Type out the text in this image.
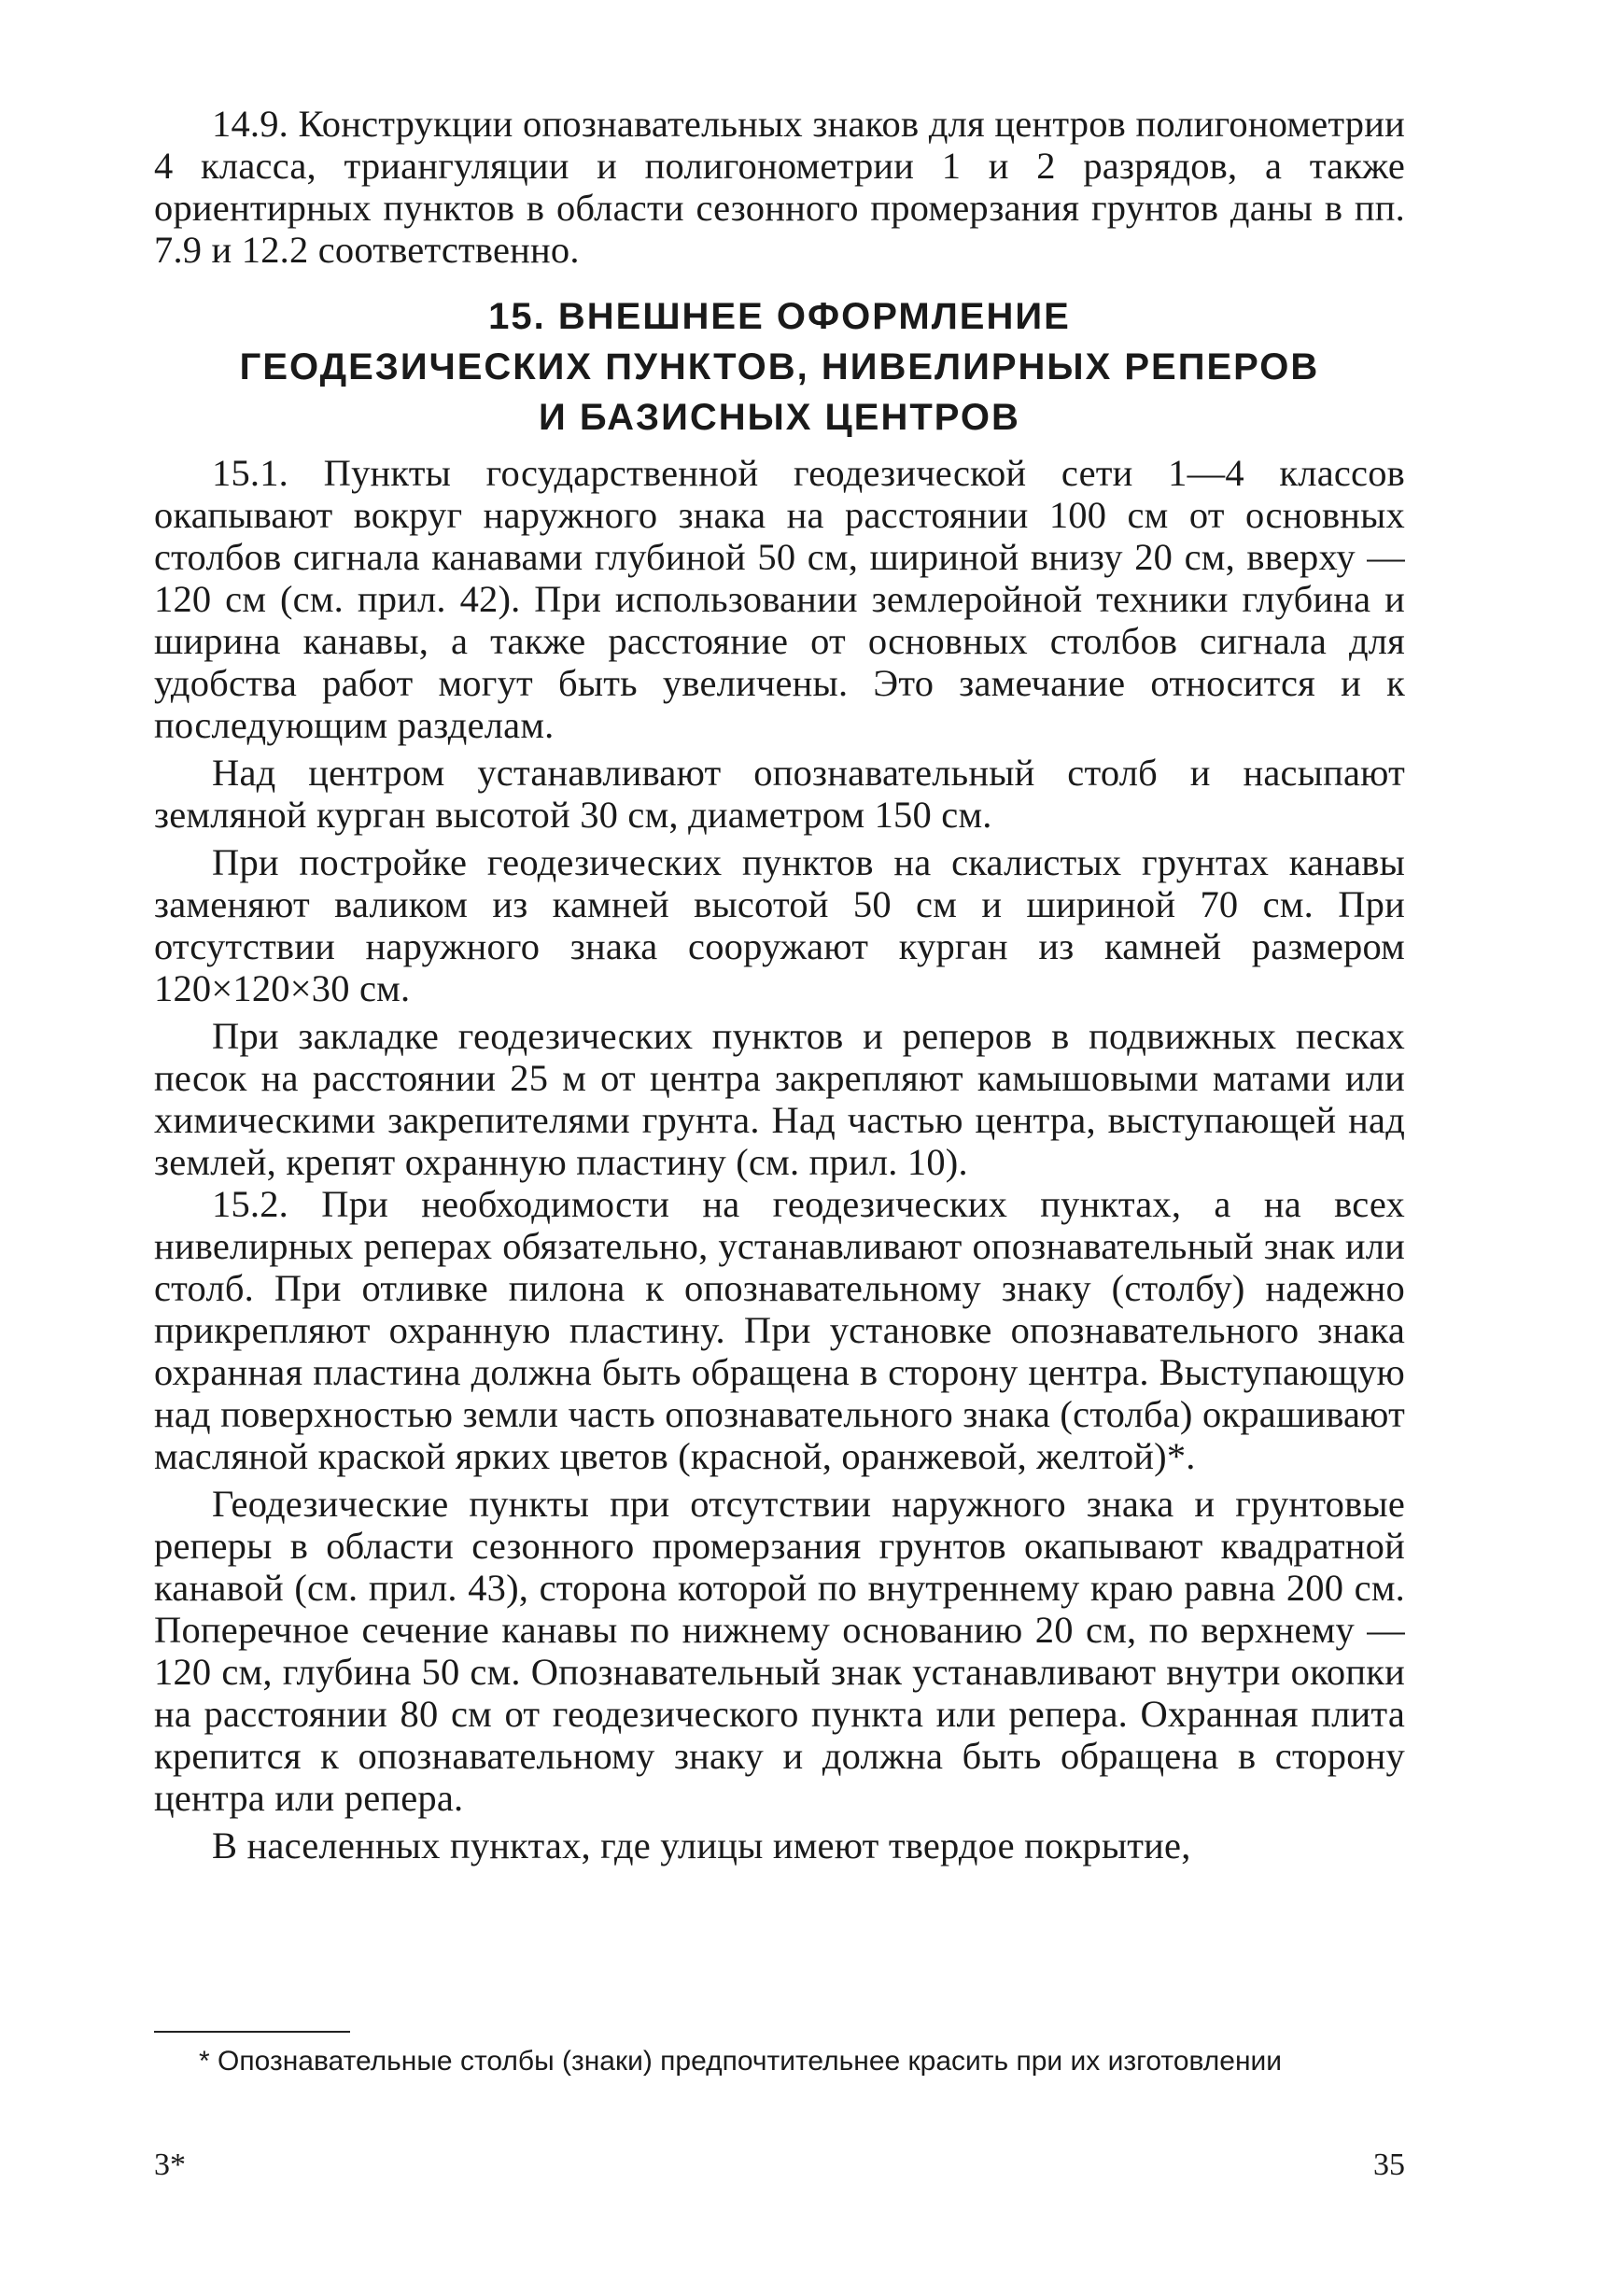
14.9. Конструкции опознавательных знаков для центров полигонометрии 4 класса, триангуляции и полигонометрии 1 и 2 разрядов, а также ориентирных пунктов в области сезонного промерзания грунтов даны в пп. 7.9 и 12.2 соответственно.

15. ВНЕШНЕЕ ОФОРМЛЕНИЕ
ГЕОДЕЗИЧЕСКИХ ПУНКТОВ, НИВЕЛИРНЫХ РЕПЕРОВ
И БАЗИСНЫХ ЦЕНТРОВ

15.1. Пункты государственной геодезической сети 1—4 классов окапывают вокруг наружного знака на расстоянии 100 см от основных столбов сигнала канавами глубиной 50 см, шириной внизу 20 см, вверху — 120 см (см. прил. 42). При использовании землеройной техники глубина и ширина канавы, а также расстояние от основных столбов сигнала для удобства работ могут быть увеличены. Это замечание относится и к последующим разделам.

Над центром устанавливают опознавательный столб и насыпают земляной курган высотой 30 см, диаметром 150 см.

При постройке геодезических пунктов на скалистых грунтах канавы заменяют валиком из камней высотой 50 см и шириной 70 см. При отсутствии наружного знака сооружают курган из камней размером 120×120×30 см.

При закладке геодезических пунктов и реперов в подвижных песках песок на расстоянии 25 м от центра закрепляют камышовыми матами или химическими закрепителями грунта. Над частью центра, выступающей над землей, крепят охранную пластину (см. прил. 10).

15.2. При необходимости на геодезических пунктах, а на всех нивелирных реперах обязательно, устанавливают опознавательный знак или столб. При отливке пилона к опознавательному знаку (столбу) надежно прикрепляют охранную пластину. При установке опознавательного знака охранная пластина должна быть обращена в сторону центра. Выступающую над поверхностью земли часть опознавательного знака (столба) окрашивают масляной краской ярких цветов (красной, оранжевой, желтой)*.

Геодезические пункты при отсутствии наружного знака и грунтовые реперы в области сезонного промерзания грунтов окапывают квадратной канавой (см. прил. 43), сторона которой по внутреннему краю равна 200 см. Поперечное сечение канавы по нижнему основанию 20 см, по верхнему — 120 см, глубина 50 см. Опознавательный знак устанавливают внутри окопки на расстоянии 80 см от геодезического пункта или репера. Охранная плита крепится к опознавательному знаку и должна быть обращена в сторону центра или репера.

В населенных пунктах, где улицы имеют твердое покрытие,

* Опознавательные столбы (знаки) предпочтительнее красить при их изготовлении

3*	35
